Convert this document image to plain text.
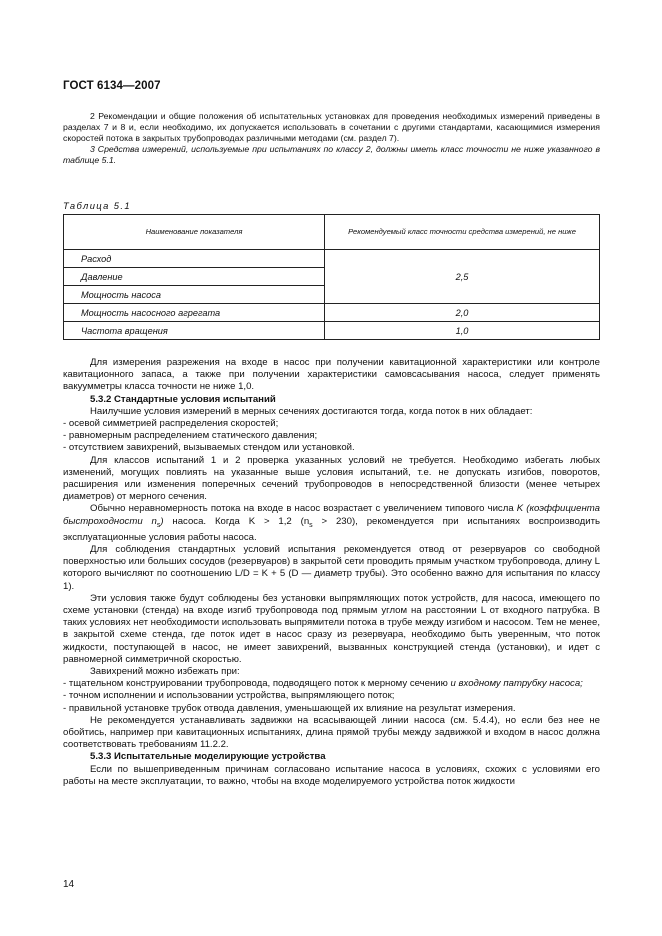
ГОСТ 6134—2007

2 Рекомендации и общие положения об испытательных установках для проведения необходимых измерений приведены в разделах 7 и 8 и, если необходимо, их допускается использовать в сочетании с другими стандартами, касающимися измерения скоростей потока в закрытых трубопроводах различными методами (см. раздел 7).

3 Средства измерений, используемые при испытаниях по классу 2, должны иметь класс точности не ниже указанного в таблице 5.1.

Таблица 5.1
Наименование показателя	Рекомендуемый класс точности средства измерений, не ниже
Расход	2,5
Давление	
Мощность насоса	
Мощность насосного агрегата	2,0
Частота вращения	1,0

Для измерения разрежения на входе в насос при получении кавитационной характеристики или контроле кавитационного запаса, а также при получении характеристики самовсасывания насоса, следует применять вакуумметры класса точности не ниже 1,0.

5.3.2 Стандартные условия испытаний

Наилучшие условия измерений в мерных сечениях достигаются тогда, когда поток в них обладает:

- осевой симметрией распределения скоростей;

- равномерным распределением статического давления;

- отсутствием завихрений, вызываемых стендом или установкой.

Для классов испытаний 1 и 2 проверка указанных условий не требуется. Необходимо избегать любых изменений, могущих повлиять на указанные выше условия испытаний, т.е. не допускать изгибов, поворотов, расширения или изменения поперечных сечений трубопроводов в непосредственной близости (менее четырех диаметров) от мерного сечения.

Обычно неравномерность потока на входе в насос возрастает с увеличением типового числа K (коэффициента быстроходности $n_s$) насоса. Когда K > 1,2 $(n_s > 230)$, рекомендуется при испытаниях воспроизводить эксплуатационные условия работы насоса.

Для соблюдения стандартных условий испытания рекомендуется отвод от резервуаров со свободной поверхностью или больших сосудов (резервуаров) в закрытой сети проводить прямым участком трубопровода, длину L которого вычисляют по соотношению L/D = K + 5 (D — диаметр трубы). Это особенно важно для испытания по классу 1).

Эти условия также будут соблюдены без установки выпрямляющих поток устройств, для насоса, имеющего по схеме установки (стенда) на входе изгиб трубопровода под прямым углом на расстоянии L от входного патрубка. В таких условиях нет необходимости использовать выпрямители потока в трубе между изгибом и насосом. Тем не менее, в закрытой схеме стенда, где поток идет в насос сразу из резервуара, необходимо быть уверенным, что поток жидкости, поступающей в насос, не имеет завихрений, вызванных конструкцией стенда (установки), и идет с равномерной симметричной скоростью.

Завихрений можно избежать при:

- тщательном конструировании трубопровода, подводящего поток к мерному сечению и входному патрубку насоса;

- точном исполнении и использовании устройства, выпрямляющего поток;

- правильной установке трубок отвода давления, уменьшающей их влияние на результат измерения.

Не рекомендуется устанавливать задвижки на всасывающей линии насоса (см. 5.4.4), но если без нее не обойтись, например при кавитационных испытаниях, длина прямой трубы между задвижкой и входом в насос должна соответствовать требованиям 11.2.2.

5.3.3 Испытательные моделирующие устройства

Если по вышеприведенным причинам согласовано испытание насоса в условиях, схожих с условиями его работы на месте эксплуатации, то важно, чтобы на входе моделируемого устройства поток жидкости

14
